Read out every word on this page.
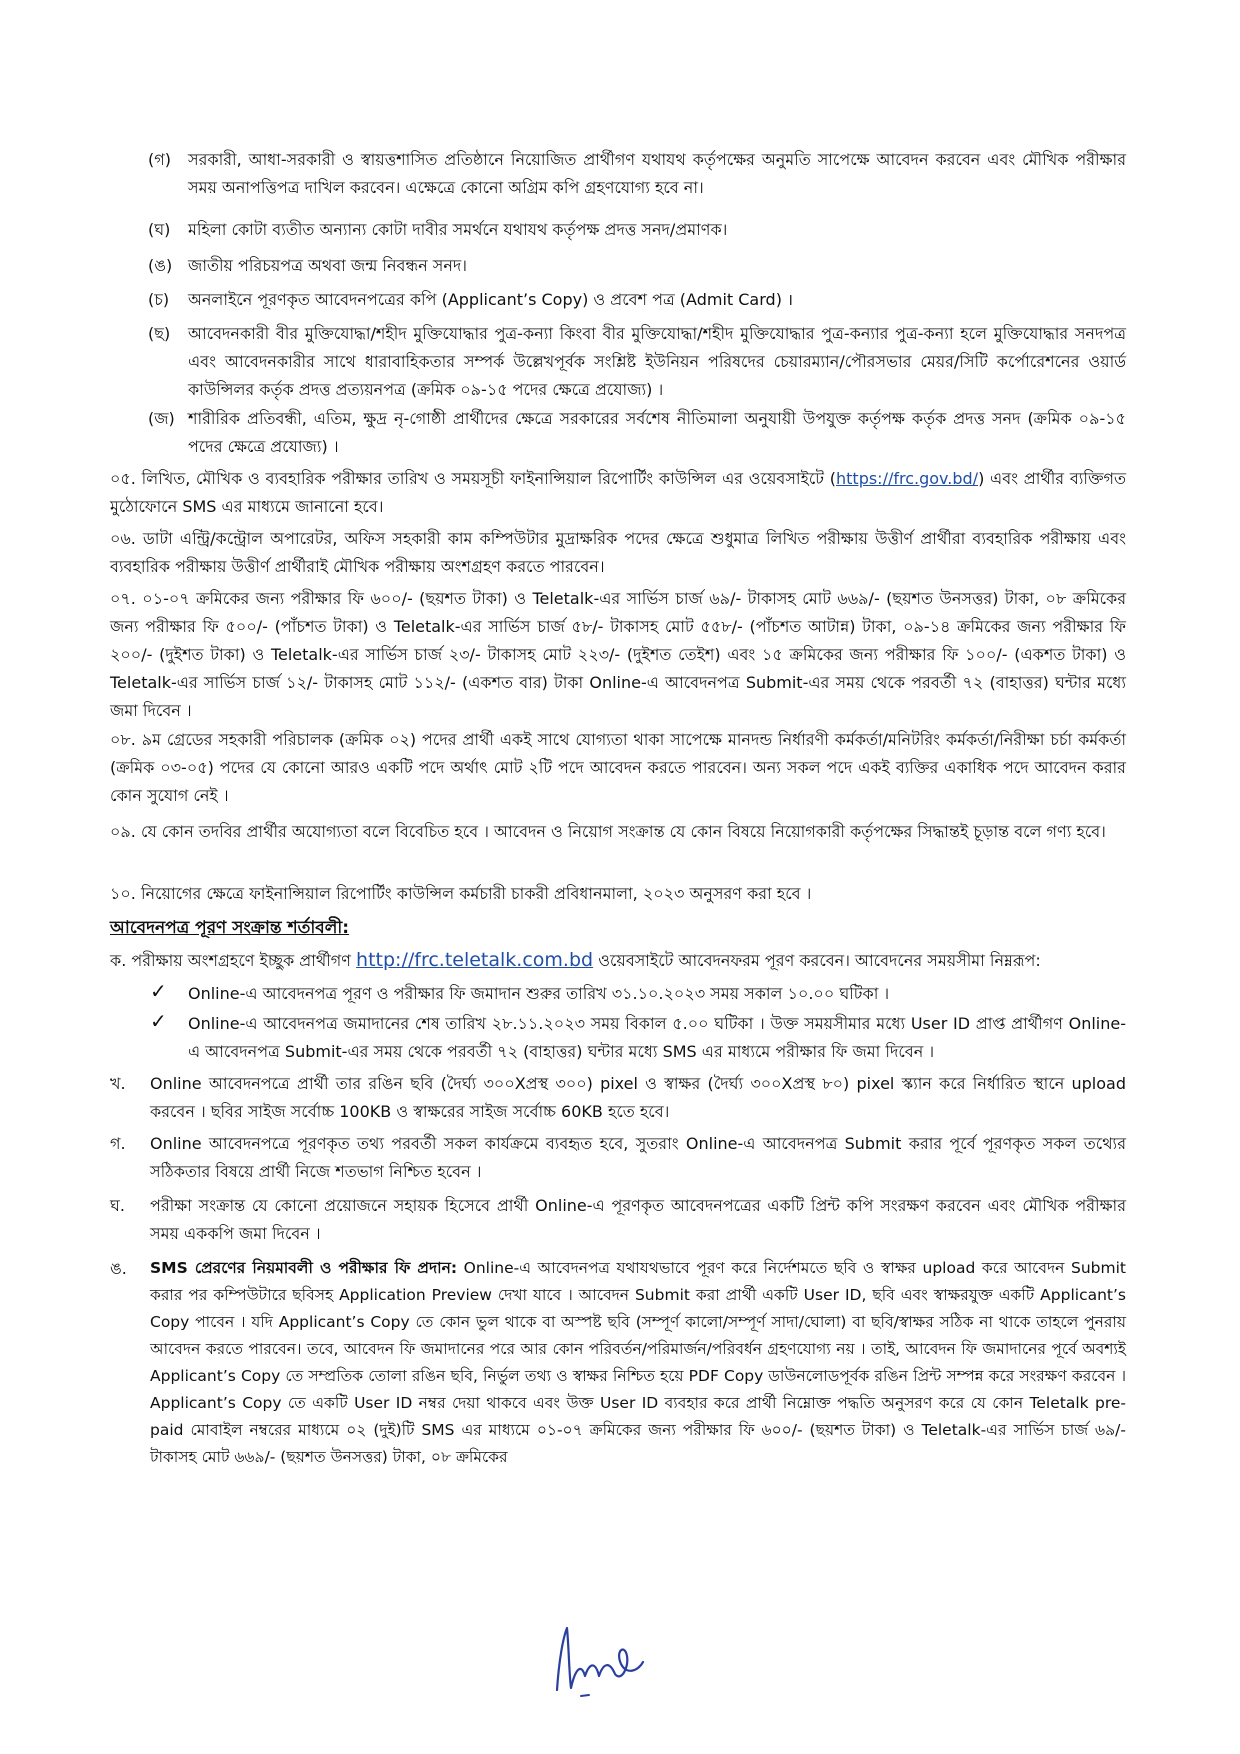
(গ) সরকারী, আধা-সরকারী ও স্বায়ত্তশাসিত প্রতিষ্ঠানে নিয়োজিত প্রার্থীগণ যথাযথ কর্তৃপক্ষের অনুমতি সাপেক্ষে আবেদন করবেন এবং মৌখিক পরীক্ষার সময় অনাপত্তিপত্র দাখিল করবেন। এক্ষেত্রে কোনো অগ্রিম কপি গ্রহণযোগ্য হবে না।
(ঘ) মহিলা কোটা ব্যতীত অন্যান্য কোটা দাবীর সমর্থনে যথাযথ কর্তৃপক্ষ প্রদত্ত সনদ/প্রমাণক।
(ঙ) জাতীয় পরিচয়পত্র অথবা জন্ম নিবন্ধন সনদ।
(চ) অনলাইনে পূরণকৃত আবেদনপত্রের কপি (Applicant’s Copy) ও প্রবেশ পত্র (Admit Card) ।
(ছ) আবেদনকারী বীর মুক্তিযোদ্ধা/শহীদ মুক্তিযোদ্ধার পুত্র-কন্যা কিংবা বীর মুক্তিযোদ্ধা/শহীদ মুক্তিযোদ্ধার পুত্র-কন্যার পুত্র-কন্যা হলে মুক্তিযোদ্ধার সনদপত্র এবং আবেদনকারীর সাথে ধারাবাহিকতার সম্পর্ক উল্লেখপূর্বক সংশ্লিষ্ট ইউনিয়ন পরিষদের চেয়ারম্যান/পৌরসভার মেয়র/সিটি কর্পোরেশনের ওয়ার্ড কাউন্সিলর কর্তৃক প্রদত্ত প্রত্যয়নপত্র (ক্রমিক ০৯-১৫ পদের ক্ষেত্রে প্রযোজ্য) ।
(জ) শারীরিক প্রতিবন্ধী, এতিম, ক্ষুদ্র নৃ-গোষ্ঠী প্রার্থীদের ক্ষেত্রে সরকারের সর্বশেষ নীতিমালা অনুযায়ী উপযুক্ত কর্তৃপক্ষ কর্তৃক প্রদত্ত সনদ (ক্রমিক ০৯-১৫ পদের ক্ষেত্রে প্রযোজ্য) ।
০৫. লিখিত, মৌখিক ও ব্যবহারিক পরীক্ষার তারিখ ও সময়সূচী ফাইনান্সিয়াল রিপোর্টিং কাউন্সিল এর ওয়েবসাইটে (https://frc.gov.bd/) এবং প্রার্থীর ব্যক্তিগত মুঠোফোনে SMS এর মাধ্যমে জানানো হবে।
০৬. ডাটা এন্ট্রি/কন্ট্রোল অপারেটর, অফিস সহকারী কাম কম্পিউটার মুদ্রাক্ষরিক পদের ক্ষেত্রে শুধুমাত্র লিখিত পরীক্ষায় উত্তীর্ণ প্রার্থীরা ব্যবহারিক পরীক্ষায় এবং ব্যবহারিক পরীক্ষায় উত্তীর্ণ প্রার্থীরাই মৌখিক পরীক্ষায় অংশগ্রহণ করতে পারবেন।
০৭. ০১-০৭ ক্রমিকের জন্য পরীক্ষার ফি ৬০০/- (ছয়শত টাকা) ও Teletalk-এর সার্ভিস চার্জ ৬৯/- টাকাসহ মোট ৬৬৯/- (ছয়শত উনসত্তর) টাকা, ০৮ ক্রমিকের জন্য পরীক্ষার ফি ৫০০/- (পাঁচশত টাকা) ও Teletalk-এর সার্ভিস চার্জ ৫৮/- টাকাসহ মোট ৫৫৮/- (পাঁচশত আটান্ন) টাকা, ০৯-১৪ ক্রমিকের জন্য পরীক্ষার ফি ২০০/- (দুইশত টাকা) ও Teletalk-এর সার্ভিস চার্জ ২৩/- টাকাসহ মোট ২২৩/- (দুইশত তেইশ) এবং ১৫ ক্রমিকের জন্য পরীক্ষার ফি ১০০/- (একশত টাকা) ও Teletalk-এর সার্ভিস চার্জ ১২/- টাকাসহ মোট ১১২/- (একশত বার) টাকা Online-এ আবেদনপত্র Submit-এর সময় থেকে পরবর্তী ৭২ (বাহাত্তর) ঘন্টার মধ্যে জমা দিবেন ।
০৮. ৯ম গ্রেডের সহকারী পরিচালক (ক্রমিক ০২) পদের প্রার্থী একই সাথে যোগ্যতা থাকা সাপেক্ষে মানদন্ড নির্ধারণী কর্মকর্তা/মনিটরিং কর্মকর্তা/নিরীক্ষা চর্চা কর্মকর্তা (ক্রমিক ০৩-০৫) পদের যে কোনো আরও একটি পদে অর্থাৎ মোট ২টি পদে আবেদন করতে পারবেন। অন্য সকল পদে একই ব্যক্তির একাধিক পদে আবেদন করার কোন সুযোগ নেই ।
০৯. যে কোন তদবির প্রার্থীর অযোগ্যতা বলে বিবেচিত হবে । আবেদন ও নিয়োগ সংক্রান্ত যে কোন বিষয়ে নিয়োগকারী কর্তৃপক্ষের সিদ্ধান্তই চূড়ান্ত বলে গণ্য হবে।
১০. নিয়োগের ক্ষেত্রে ফাইনান্সিয়াল রিপোর্টিং কাউন্সিল কর্মচারী চাকরী প্রবিধানমালা, ২০২৩ অনুসরণ করা হবে ।
আবেদনপত্র পূরণ সংক্রান্ত শর্তাবলী:
ক. পরীক্ষায় অংশগ্রহণে ইচ্ছুক প্রার্থীগণ http://frc.teletalk.com.bd ওয়েবসাইটে আবেদনফরম পূরণ করবেন। আবেদনের সময়সীমা নিম্নরূপ:
✓ Online-এ আবেদনপত্র পূরণ ও পরীক্ষার ফি জমাদান শুরুর তারিখ ৩১.১০.২০২৩ সময় সকাল ১০.০০ ঘটিকা ।
✓ Online-এ আবেদনপত্র জমাদানের শেষ তারিখ ২৮.১১.২০২৩ সময় বিকাল ৫.০০ ঘটিকা । উক্ত সময়সীমার মধ্যে User ID প্রাপ্ত প্রার্থীগণ Online-এ আবেদনপত্র Submit-এর সময় থেকে পরবর্তী ৭২ (বাহাত্তর) ঘন্টার মধ্যে SMS এর মাধ্যমে পরীক্ষার ফি জমা দিবেন ।
খ. Online আবেদনপত্রে প্রার্থী তার রঙিন ছবি (দৈর্ঘ্য ৩০০Xপ্রস্থ ৩০০) pixel ও স্বাক্ষর (দৈর্ঘ্য ৩০০Xপ্রস্থ ৮০) pixel স্ক্যান করে নির্ধারিত স্থানে upload করবেন । ছবির সাইজ সর্বোচ্চ 100KB ও স্বাক্ষরের সাইজ সর্বোচ্চ 60KB হতে হবে।
গ. Online আবেদনপত্রে পূরণকৃত তথ্য পরবর্তী সকল কার্যক্রমে ব্যবহৃত হবে, সুতরাং Online-এ আবেদনপত্র Submit করার পূর্বে পূরণকৃত সকল তথ্যের সঠিকতার বিষয়ে প্রার্থী নিজে শতভাগ নিশ্চিত হবেন ।
ঘ. পরীক্ষা সংক্রান্ত যে কোনো প্রয়োজনে সহায়ক হিসেবে প্রার্থী Online-এ পূরণকৃত আবেদনপত্রের একটি প্রিন্ট কপি সংরক্ষণ করবেন এবং মৌখিক পরীক্ষার সময় এককপি জমা দিবেন ।
ঙ. SMS প্রেরণের নিয়মাবলী ও পরীক্ষার ফি প্রদান: Online-এ আবেদনপত্র যথাযথভাবে পূরণ করে নির্দেশমতে ছবি ও স্বাক্ষর upload করে আবেদন Submit করার পর কম্পিউটারে ছবিসহ Application Preview দেখা যাবে । আবেদন Submit করা প্রার্থী একটি User ID, ছবি এবং স্বাক্ষরযুক্ত একটি Applicant’s Copy পাবেন । যদি Applicant’s Copy তে কোন ভুল থাকে বা অস্পষ্ট ছবি (সম্পূর্ণ কালো/সম্পূর্ণ সাদা/ঘোলা) বা ছবি/স্বাক্ষর সঠিক না থাকে তাহলে পুনরায় আবেদন করতে পারবেন। তবে, আবেদন ফি জমাদানের পরে আর কোন পরিবর্তন/পরিমার্জন/পরিবর্ধন গ্রহণযোগ্য নয় । তাই, আবেদন ফি জমাদানের পূর্বে অবশ্যই Applicant’s Copy তে সম্প্রতিক তোলা রঙিন ছবি, নির্ভুল তথ্য ও স্বাক্ষর নিশ্চিত হয়ে PDF Copy ডাউনলোডপূর্বক রঙিন প্রিন্ট সম্পন্ন করে সংরক্ষণ করবেন । Applicant’s Copy তে একটি User ID নম্বর দেয়া থাকবে এবং উক্ত User ID ব্যবহার করে প্রার্থী নিম্নোক্ত পদ্ধতি অনুসরণ করে যে কোন Teletalk pre-paid মোবাইল নম্বরের মাধ্যমে ০২ (দুই)টি SMS এর মাধ্যমে ০১-০৭ ক্রমিকের জন্য পরীক্ষার ফি ৬০০/- (ছয়শত টাকা) ও Teletalk-এর সার্ভিস চার্জ ৬৯/- টাকাসহ মোট ৬৬৯/- (ছয়শত উনসত্তর) টাকা, ০৮ ক্রমিকের
